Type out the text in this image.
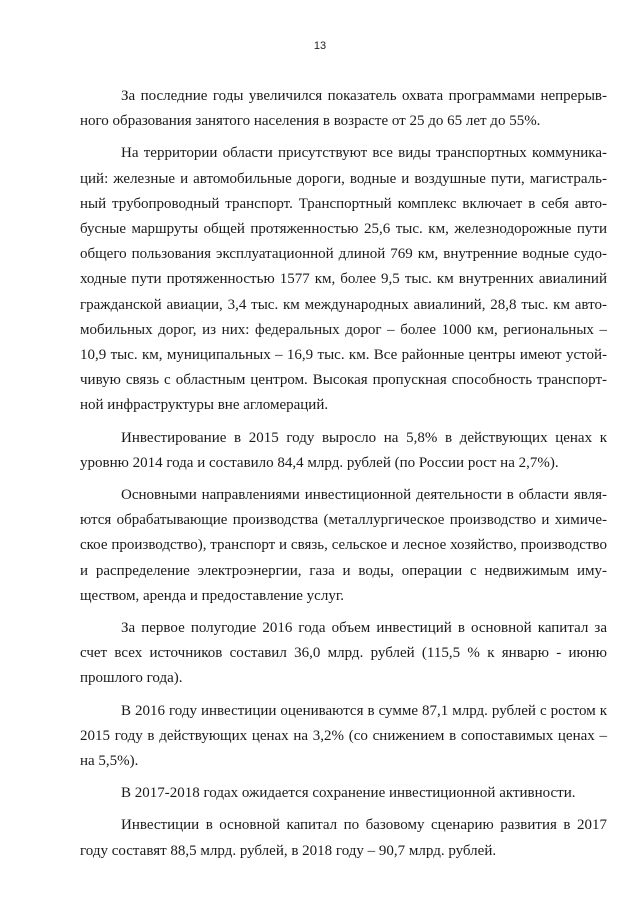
13

За последние годы увеличился показатель охвата программами непрерывного образования занятого населения в возрасте от 25 до 65 лет до 55%.

На территории области присутствуют все виды транспортных коммуникаций: железные и автомобильные дороги, водные и воздушные пути, магистральный трубопроводный транспорт. Транспортный комплекс включает в себя автобусные маршруты общей протяженностью 25,6 тыс. км, железнодорожные пути общего пользования эксплуатационной длиной 769 км, внутренние водные судоходные пути протяженностью 1577 км, более 9,5 тыс. км внутренних авиалиний гражданской авиации, 3,4 тыс. км международных авиалиний, 28,8 тыс. км автомобильных дорог, из них: федеральных дорог – более 1000 км, региональных – 10,9 тыс. км, муниципальных – 16,9 тыс. км. Все районные центры имеют устойчивую связь с областным центром. Высокая пропускная способность транспортной инфраструктуры вне агломераций.

Инвестирование в 2015 году выросло на 5,8% в действующих ценах к уровню 2014 года и составило 84,4 млрд. рублей (по России рост на 2,7%).

Основными направлениями инвестиционной деятельности в области являются обрабатывающие производства (металлургическое производство и химическое производство), транспорт и связь, сельское и лесное хозяйство, производство и распределение электроэнергии, газа и воды, операции с недвижимым имуществом, аренда и предоставление услуг.

За первое полугодие 2016 года объем инвестиций в основной капитал за счет всех источников составил 36,0 млрд. рублей (115,5 % к январю - июню прошлого года).

В 2016 году инвестиции оцениваются в сумме 87,1 млрд. рублей с ростом к 2015 году в действующих ценах на 3,2% (со снижением в сопоставимых ценах – на 5,5%).

В 2017-2018 годах ожидается сохранение инвестиционной активности.

Инвестиции в основной капитал по базовому сценарию развития в 2017 году составят 88,5 млрд. рублей, в 2018 году – 90,7 млрд. рублей.
